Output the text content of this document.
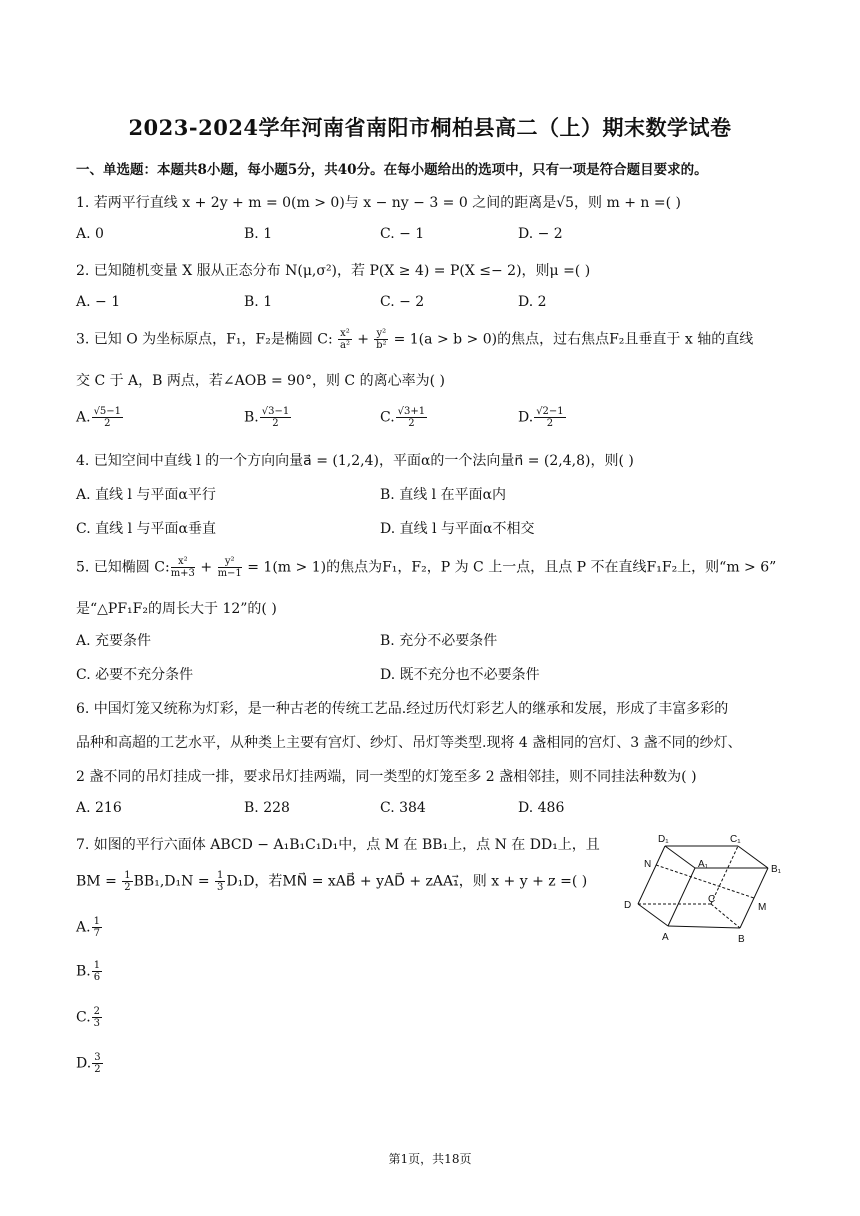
2023-2024学年河南省南阳市桐柏县高二（上）期末数学试卷
一、单选题：本题共8小题，每小题5分，共40分。在每小题给出的选项中，只有一项是符合题目要求的。
1. 若两平行直线 x + 2y + m = 0(m > 0)与 x − ny − 3 = 0 之间的距离是√5，则 m + n =( )
A. 0	B. 1	C. − 1	D. − 2
2. 已知随机变量 X 服从正态分布 N(μ,σ²)，若 P(X ≥ 4) = P(X ≤− 2)，则μ =( )
A. − 1	B. 1	C. − 2	D. 2
3. 已知 O 为坐标原点，F₁，F₂是椭圆 C: $\frac{\text{x²}}{\text{a²}} + \frac{\text{y²}}{\text{b²}} = 1(a > b > 0)$的焦点，过右焦点F₂且垂直于 x 轴的直线
交 C 于 A，B 两点，若∠AOB = 90°，则 C 的离心率为( )
A. $\frac{√5-1}{2}$	B. $\frac{√3-1}{2}$	C. $\frac{√3+1}{2}$	D. $\frac{√2-1}{2}$
4. 已知空间中直线 l 的一个方向向量a⃗ = (1,2,4)，平面α的一个法向量n⃗ = (2,4,8)，则( )
A. 直线 l 与平面α平行	B. 直线 l 在平面α内
C. 直线 l 与平面α垂直	D. 直线 l 与平面α不相交
5. 已知椭圆 C: $\frac{\text{x²}}{m+3} + \frac{\text{y²}}{m-1} = 1(m > 1)$的焦点为F₁，F₂，P 为 C 上一点，且点 P 不在直线F₁F₂上，则“m > 6”
是“△PF₁F₂的周长大于 12”的( )
A. 充要条件	B. 充分不必要条件
C. 必要不充分条件	D. 既不充分也不必要条件
6. 中国灯笼又统称为灯彩，是一种古老的传统工艺品.经过历代灯彩艺人的继承和发展，形成了丰富多彩的
品种和高超的工艺水平，从种类上主要有宫灯、纱灯、吊灯等类型.现将 4 盏相同的宫灯、3 盏不同的纱灯、
2 盏不同的吊灯挂成一排，要求吊灯挂两端，同一类型的灯笼至多 2 盏相邻挂，则不同挂法种数为( )
A. 216	B. 228	C. 384	D. 486
7. 如图的平行六面体 ABCD − A₁B₁C₁D₁中，点 M 在 BB₁上，点 N 在 DD₁上，且
BM = $\frac{1}{2} BB_1,D_1N = \frac{1}{3} D_1D$，若MN⃗ = xAB⃗ + yAD⃗ + zAA₁⃗，则 x + y + z =( )
A. $\frac{1}{7}$
B. $\frac{1}{6}$
C. $\frac{2}{3}$
D. $\frac{3}{2}$
D₁	C₁
N	A₁	B₁
D
C
M
A	B
第1页，共18页
